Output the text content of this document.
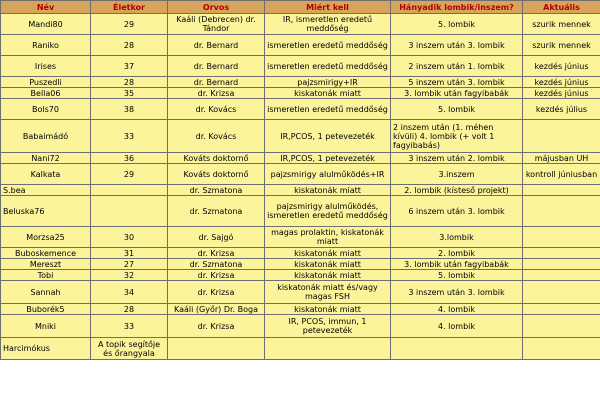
Név	Életkor	Orvos	Miért kell	Hányadik lombik/inszem?	Aktuális
Mandi80	29	Kaáli (Debrecen) dr. Tándor	IR, ismeretlen eredetű meddőség	5. lombik	szurik mennek
Raniko	28	dr. Bernard	ismeretlen eredetű meddőség	3 inszem után 3. lombik	szurik mennek
Irises	37	dr. Bernard	ismeretlen eredetű meddőség	2 inszem után 1. lombik	kezdés június
Puszedli	28	dr. Bernard	pajzsmirigy+IR	5 inszem után 3. lombik	kezdés június
Bella06	35	dr. Krizsa	kiskatonák miatt	3. lombik után fagyibabák	kezdés június
Bols70	38	dr. Kovács	ismeretlen eredetű meddőség	5. lombik	kezdés július
Babaimádó	33	dr. Kovács	IR,PCOS, 1 petevezeték	2 inszem után (1. méhen kívüli) 4. lombik (+ volt 1 fagyibabás)	
Nani72	36	Kováts doktornő	IR,PCOS, 1 petevezeték	3 inszem után 2. lombik	májusban UH
Kalkata	29	Kováts doktornő	pajzsmirigy alulműködés+IR	3.inszem	kontroll júniusban
S.bea		dr. Szmatona	kiskatonák miatt	2. lombik (kísteső projekt)	
Beluska76		dr. Szmatona	pajzsmirigy alulműködés, ismeretlen eredetű meddőség	6 inszem után 3. lombik	
Morzsa25	30	dr. Sajgó	magas prolaktin, kiskatonák miatt	3.lombik	
Buboskemence	31	dr. Krizsa	kiskatonák miatt	2. lombik	
Mereszt	27	dr. Szmatona	kiskatonák miatt	3. lombik után fagyibabák	
Tobi	32	dr. Krizsa	kiskatonák miatt	5. lombik	
Sannah	34	dr. Krizsa	kiskatonák miatt és/vagy magas FSH	3 inszem után 3. lombik	
Buborék5	28	Kaáli (Győr) Dr. Boga	kiskatonák miatt	4. lombik	
Mniki	33	dr. Krizsa	IR, PCOS, immun, 1 petevezeték	4. lombik	
Harcimókus	A topik segítője és őrangyala				
